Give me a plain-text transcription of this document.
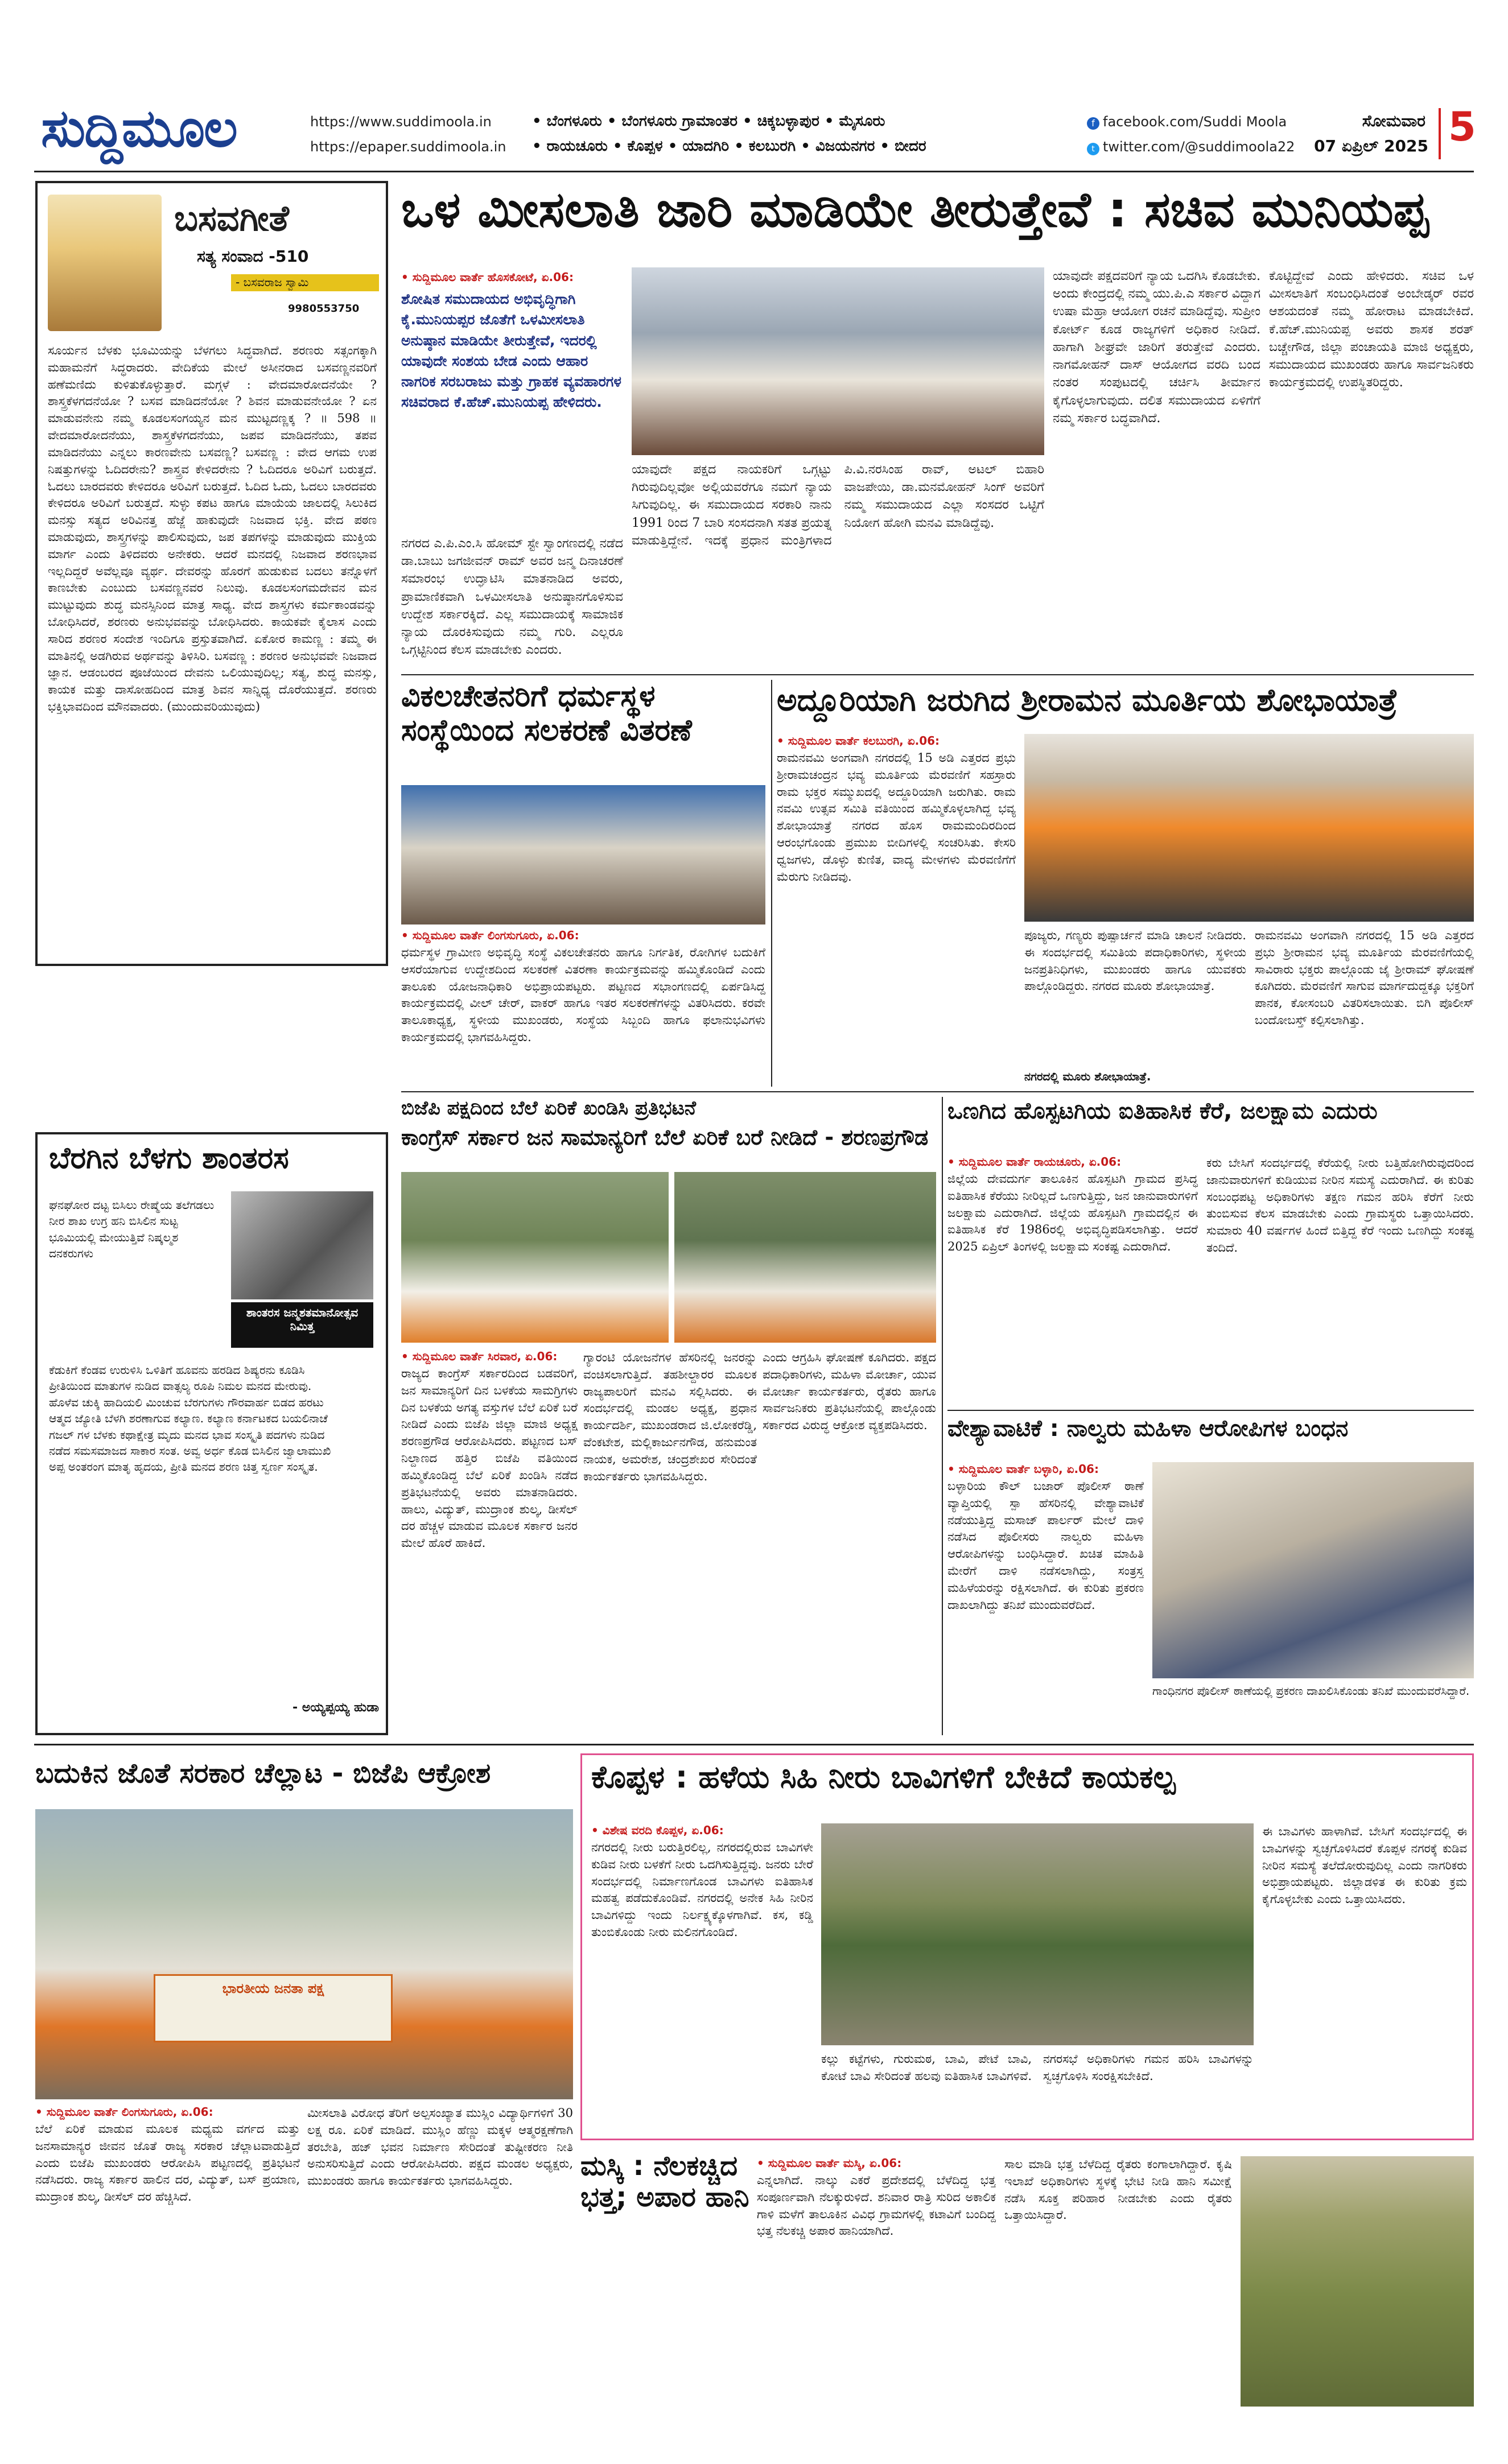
ಸುದ್ದಿಮೂಲ	https://www.suddimoola.in
https://epaper.suddimoola.in
• ಬೆಂಗಳೂರು • ಬೆಂಗಳೂರು ಗ್ರಾಮಾಂತರ • ಚಿಕ್ಕಬಳ್ಳಾಪುರ • ಮೈಸೂರು
• ರಾಯಚೂರು • ಕೊಪ್ಪಳ • ಯಾದಗಿರಿ • ಕಲಬುರಗಿ • ವಿಜಯನಗರ • ಬೀದರ
f facebook.com/Suddi Moola
t twitter.com/@suddimoola22
ಸೋಮವಾರ
07 ಏಪ್ರಿಲ್ 2025 5
ಬಸವಗೀತೆ
ಸತ್ಯ ಸಂವಾದ -510
- ಬಸವರಾಜ ಸ್ವಾಮಿ
9980553750
ಸೂರ್ಯನ ಬೆಳಕು ಭೂಮಿಯನ್ನು ಬೆಳಗಲು ಸಿದ್ಧವಾಗಿದೆ. ಶರಣರು ಸತ್ಸಂಗಕ್ಕಾಗಿ ಮಹಾಮನೆಗೆ ಸಿದ್ಧರಾದರು. ವೇದಿಕೆಯ ಮೇಲೆ ಅಸೀನರಾದ ಬಸವಣ್ಣನವರಿಗೆ ಹಣೆಮಣಿದು ಕುಳಿತುಕೊಳ್ಳುತ್ತಾರೆ. ಮಗ್ಗಳೆ : ವೇದಮಾರೋದನೆಯೇ ? ಶಾಸ್ತ್ರಕೆಳಗದನೆಯೋ ? ಬಸವ ಮಾಡಿದನೆಯೋ ? ಶಿವನ ಮಾಡುವನೇಯೋ ? ಏನ ಮಾಡುವನೇನು ನಮ್ಮ ಕೂಡಲಸಂಗಯ್ಯನ ಮನ ಮುಟ್ಟದಣ್ಣಕ್ಕ ? ॥ 598 ॥ ವೇದಮಾರೋದನೆಯು, ಶಾಸ್ತ್ರಕೆಳಗದನೆಯು, ಜಪವ ಮಾಡಿದನೆಯು, ತಪವ ಮಾಡಿದನೆಯು ಎನ್ನಲು ಕಾರಣವೇನು ಬಸವಣ್ಣ? ಬಸವಣ್ಣ : ವೇದ ಆಗಮ ಉಪ ನಿಷತ್ತುಗಳನ್ನು ಓದಿದರೇನು? ಶಾಸ್ತ್ರವ ಕೇಳಿದರೇನು ? ಓದಿದರೂ ಅರಿವಿಗೆ ಬರುತ್ತದೆ. ಓದಲು ಬಾರದವರು ಕೇಳಿದರೂ ಅರಿವಿಗೆ ಬರುತ್ತದೆ. ಓದಿದ ಓದು, ಓದಲು ಬಾರದವರು ಕೇಳಿದರೂ ಅರಿವಿಗೆ ಬರುತ್ತದೆ. ಸುಳ್ಳು ಕಪಟ ಹಾಗೂ ಮಾಯೆಯ ಜಾಲದಲ್ಲಿ ಸಿಲುಕಿದ ಮನಸ್ಸು ಸತ್ಯದ ಅರಿವಿನತ್ತ ಹೆಜ್ಜೆ ಹಾಕುವುದೇ ನಿಜವಾದ ಭಕ್ತಿ. ವೇದ ಪಠಣ ಮಾಡುವುದು, ಶಾಸ್ತ್ರಗಳನ್ನು ಪಾಲಿಸುವುದು, ಜಪ ತಪಗಳನ್ನು ಮಾಡುವುದು ಮುಕ್ತಿಯ ಮಾರ್ಗ ಎಂದು ತಿಳಿದವರು ಅನೇಕರು. ಆದರೆ ಮನದಲ್ಲಿ ನಿಜವಾದ ಶರಣಭಾವ ಇಲ್ಲದಿದ್ದರೆ ಅವೆಲ್ಲವೂ ವ್ಯರ್ಥ. ದೇವರನ್ನು ಹೊರಗೆ ಹುಡುಕುವ ಬದಲು ತನ್ನೊಳಗೆ ಕಾಣಬೇಕು ಎಂಬುದು ಬಸವಣ್ಣನವರ ನಿಲುವು. ಕೂಡಲಸಂಗಮದೇವನ ಮನ ಮುಟ್ಟುವುದು ಶುದ್ಧ ಮನಸ್ಸಿನಿಂದ ಮಾತ್ರ ಸಾಧ್ಯ. ವೇದ ಶಾಸ್ತ್ರಗಳು ಕರ್ಮಕಾಂಡವನ್ನು ಬೋಧಿಸಿದರೆ, ಶರಣರು ಅನುಭವವನ್ನು ಬೋಧಿಸಿದರು. ಕಾಯಕವೇ ಕೈಲಾಸ ಎಂದು ಸಾರಿದ ಶರಣರ ಸಂದೇಶ ಇಂದಿಗೂ ಪ್ರಸ್ತುತವಾಗಿದೆ. ಏಕೋರ ಕಾಮಣ್ಣ : ತಮ್ಮ ಈ ಮಾತಿನಲ್ಲಿ ಅಡಗಿರುವ ಅರ್ಥವನ್ನು ತಿಳಿಸಿರಿ. ಬಸವಣ್ಣ : ಶರಣರ ಅನುಭವವೇ ನಿಜವಾದ ಜ್ಞಾನ. ಆಡಂಬರದ ಪೂಜೆಯಿಂದ ದೇವನು ಒಲಿಯುವುದಿಲ್ಲ; ಸತ್ಯ, ಶುದ್ಧ ಮನಸ್ಸು, ಕಾಯಕ ಮತ್ತು ದಾಸೋಹದಿಂದ ಮಾತ್ರ ಶಿವನ ಸಾನ್ನಿಧ್ಯ ದೊರೆಯುತ್ತದೆ. ಶರಣರು ಭಕ್ತಿಭಾವದಿಂದ ಮೌನವಾದರು. (ಮುಂದುವರಿಯುವುದು)
ಬೆರಗಿನ ಬೆಳಗು ಶಾಂತರಸ
ಘನಘೋರ ದಟ್ಟ ಬಿಸಿಲು ರೇಷ್ಮೆಯ ತಲೆಗಡಲು ನೀರ ಶಾಖ ಉಗ್ರ ಹನಿ ಬಿಸಿಲಿನ ಸುಟ್ಟ ಭೂಮಿಯಲ್ಲಿ ಮೇಯುತ್ತಿವೆ ನಿಷ್ಕಲ್ಮಶ ದನಕರುಗಳು
ಶಾಂತರಸ ಜನ್ಮಶತಮಾನೋತ್ಸವ ನಿಮಿತ್ತ
ಕೆಡುಕಿಗೆ ಕೆಂಡವ ಉರುಳಿಸಿ ಒಳಿತಿಗೆ ಹೂವನು ಹರಡಿದ ಶಿಷ್ಯರನು ಕೂಡಿಸಿ ಪ್ರೀತಿಯಿಂದ ಮಾತುಗಳ ನುಡಿದ ವಾತ್ಸಲ್ಯ ರೂಪಿ ನಿಮಲ ಮನದ ಮೇರುವು. ಹೊಳೆವ ಚುಕ್ಕಿ ಹಾದಿಯಲಿ ಮಿಂಚುವ ಬೆರಗುಗಳು ಗೌರವಾರ್ಹ ಬಿಡದ ಹರಟು ಆತ್ಮದ ಜ್ಯೋತಿ ಬೆಳಗಿ ಶರಣಾಗುವ ಕಲ್ಯಾಣ. ಕಲ್ಯಾಣ ಕರ್ನಾಟಕದ ಬಯಲಿನಾಚೆ ಗಜಲ್ ಗಳ ಬೆಳಕು ಕಥಾಕ್ಷೇತ್ರ ಮೃದು ಮನದ ಭಾವ ಸಂಸ್ಕೃತಿ ಪದಗಳು ನುಡಿದ ನಡೆದ ಸಮಸಮಾಜದ ಸಾಕಾರ ಸಂತ. ಅವ್ವ ಅರ್ಧ ಕೊಡ ಬಿಸಿಲಿನ ಜ್ವಾಲಾಮುಖಿ ಅಪ್ಪ ಅಂತರಂಗ ಮಾತೃ ಹೃದಯ, ಪ್ರೀತಿ ಮನದ ಶರಣ ಚಿತ್ತ ಸ್ವರ್ಣ ಸಂಸ್ಕೃತ.
- ಅಯ್ಯಪ್ಪಯ್ಯ ಹುಡಾ
ಒಳ ಮೀಸಲಾತಿ ಜಾರಿ ಮಾಡಿಯೇ ತೀರುತ್ತೇವೆ : ಸಚಿವ ಮುನಿಯಪ್ಪ
• ಸುದ್ದಿಮೂಲ ವಾರ್ತೆ ಹೊಸಕೋಟೆ, ಏ.06:
ಶೋಷಿತ ಸಮುದಾಯದ ಅಭಿವೃದ್ಧಿಗಾಗಿ ಕೈ.ಮುನಿಯಪ್ಪರ ಜೊತೆಗೆ ಒಳಮೀಸಲಾತಿ ಅನುಷ್ಠಾನ ಮಾಡಿಯೇ ತೀರುತ್ತೇವೆ, ಇದರಲ್ಲಿ ಯಾವುದೇ ಸಂಶಯ ಬೇಡ ಎಂದು ಆಹಾರ ನಾಗರಿಕ ಸರಬರಾಜು ಮತ್ತು ಗ್ರಾಹಕ ವ್ಯವಹಾರಗಳ ಸಚಿವರಾದ ಕೆ.ಹೆಚ್.ಮುನಿಯಪ್ಪ ಹೇಳಿದರು.
ನಗರದ ಎ.ಪಿ.ಎಂ.ಸಿ ಹೋಮ್ ಸ್ಟೇ ಸ್ವಾಂಗಣದಲ್ಲಿ ನಡೆದ ಡಾ.ಬಾಬು ಜಗಜೀವನ್ ರಾಮ್ ಅವರ ಜನ್ಮ ದಿನಾಚರಣೆ ಸಮಾರಂಭ ಉದ್ಘಾಟಿಸಿ ಮಾತನಾಡಿದ ಅವರು, ಪ್ರಾಮಾಣಿಕವಾಗಿ ಒಳಮೀಸಲಾತಿ ಅನುಷ್ಠಾನಗೊಳಿಸುವ ಉದ್ದೇಶ ಸರ್ಕಾರಕ್ಕಿದೆ. ಎಲ್ಲ ಸಮುದಾಯಕ್ಕೆ ಸಾಮಾಜಿಕ ನ್ಯಾಯ ದೊರಕಿಸುವುದು ನಮ್ಮ ಗುರಿ. ಎಲ್ಲರೂ ಒಗ್ಗಟ್ಟಿನಿಂದ ಕೆಲಸ ಮಾಡಬೇಕು ಎಂದರು.
ಯಾವುದೇ ಪಕ್ಷದ ನಾಯಕರಿಗೆ ಒಗ್ಗಟ್ಟು ಗಿರುವುದಿಲ್ಲವೋ ಅಲ್ಲಿಯವರೆಗೂ ನಮಗೆ ನ್ಯಾಯ ಸಿಗುವುದಿಲ್ಲ. ಈ ಸಮುದಾಯದ ಸರಕಾರಿ ನಾನು 1991 ರಿಂದ 7 ಬಾರಿ ಸಂಸದನಾಗಿ ಸತತ ಪ್ರಯತ್ನ ಮಾಡುತ್ತಿದ್ದೇನೆ. ಇದಕ್ಕೆ ಪ್ರಧಾನ ಮಂತ್ರಿಗಳಾದ ಪಿ.ವಿ.ನರಸಿಂಹ ರಾವ್, ಅಟಲ್ ಬಿಹಾರಿ ವಾಜಪೇಯಿ, ಡಾ.ಮನಮೋಹನ್ ಸಿಂಗ್ ಅವರಿಗೆ ನಮ್ಮ ಸಮುದಾಯದ ಎಲ್ಲಾ ಸಂಸದರ ಒಟ್ಟಿಗೆ ನಿಯೋಗ ಹೋಗಿ ಮನವಿ ಮಾಡಿದ್ದೆವು.
ಯಾವುದೇ ಪಕ್ಷದವರಿಗೆ ನ್ಯಾಯ ಒದಗಿಸಿ ಕೊಡಬೇಕು. ಅಂದು ಕೇಂದ್ರದಲ್ಲಿ ನಮ್ಮ ಯು.ಪಿ.ಎ ಸರ್ಕಾರ ವಿದ್ದಾಗ ಉಷಾ ಮೆಹ್ರಾ ಆಯೋಗ ರಚನೆ ಮಾಡಿದ್ದೆವು. ಸುಪ್ರೀಂ ಕೋರ್ಟ್ ಕೂಡ ರಾಜ್ಯಗಳಿಗೆ ಅಧಿಕಾರ ನೀಡಿದೆ. ಹಾಗಾಗಿ ಶೀಘ್ರವೇ ಜಾರಿಗೆ ತರುತ್ತೇವೆ ಎಂದರು. ನಾಗಮೋಹನ್ ದಾಸ್ ಆಯೋಗದ ವರದಿ ಬಂದ ನಂತರ ಸಂಪುಟದಲ್ಲಿ ಚರ್ಚಿಸಿ ತೀರ್ಮಾನ ಕೈಗೊಳ್ಳಲಾಗುವುದು. ದಲಿತ ಸಮುದಾಯದ ಏಳಿಗೆಗೆ ನಮ್ಮ ಸರ್ಕಾರ ಬದ್ಧವಾಗಿದೆ.
ಕೊಟ್ಟಿದ್ದೇವೆ ಎಂದು ಹೇಳಿದರು. ಸಚಿವ ಒಳ ಮೀಸಲಾತಿಗೆ ಸಂಬಂಧಿಸಿದಂತೆ ಅಂಬೇಡ್ಕರ್ ರವರ ಆಶಯದಂತೆ ನಮ್ಮ ಹೋರಾಟ ಮಾಡಬೇಕಿದೆ. ಕೆ.ಹೆಚ್.ಮುನಿಯಪ್ಪ ಅವರು ಶಾಸಕ ಶರತ್ ಬಚ್ಚೇಗೌಡ, ಜಿಲ್ಲಾ ಪಂಚಾಯತಿ ಮಾಜಿ ಅಧ್ಯಕ್ಷರು, ಸಮುದಾಯದ ಮುಖಂಡರು ಹಾಗೂ ಸಾರ್ವಜನಿಕರು ಕಾರ್ಯಕ್ರಮದಲ್ಲಿ ಉಪಸ್ಥಿತರಿದ್ದರು.
ವಿಕಲಚೇತನರಿಗೆ ಧರ್ಮಸ್ಥಳ ಸಂಸ್ಥೆಯಿಂದ ಸಲಕರಣೆ ವಿತರಣೆ
• ಸುದ್ದಿಮೂಲ ವಾರ್ತೆ ಲಿಂಗಸುಗೂರು, ಏ.06:
ಧರ್ಮಸ್ಥಳ ಗ್ರಾಮೀಣ ಅಭಿವೃದ್ಧಿ ಸಂಸ್ಥೆ ವಿಕಲಚೇತನರು ಹಾಗೂ ನಿರ್ಗತಿಕ, ರೋಗಿಗಳ ಬದುಕಿಗೆ ಆಸರೆಯಾಗುವ ಉದ್ದೇಶದಿಂದ ಸಲಕರಣೆ ವಿತರಣಾ ಕಾರ್ಯಕ್ರಮವನ್ನು ಹಮ್ಮಿಕೊಂಡಿದೆ ಎಂದು ತಾಲೂಕು ಯೋಜನಾಧಿಕಾರಿ ಅಭಿಪ್ರಾಯಪಟ್ಟರು. ಪಟ್ಟಣದ ಸಭಾಂಗಣದಲ್ಲಿ ಏರ್ಪಡಿಸಿದ್ದ ಕಾರ್ಯಕ್ರಮದಲ್ಲಿ ವೀಲ್ ಚೇರ್, ವಾಕರ್ ಹಾಗೂ ಇತರ ಸಲಕರಣೆಗಳನ್ನು ವಿತರಿಸಿದರು. ಕರವೇ ತಾಲೂಕಾಧ್ಯಕ್ಷ, ಸ್ಥಳೀಯ ಮುಖಂಡರು, ಸಂಸ್ಥೆಯ ಸಿಬ್ಬಂದಿ ಹಾಗೂ ಫಲಾನುಭವಿಗಳು ಕಾರ್ಯಕ್ರಮದಲ್ಲಿ ಭಾಗವಹಿಸಿದ್ದರು.
ಅದ್ದೂರಿಯಾಗಿ ಜರುಗಿದ ಶ್ರೀರಾಮನ ಮೂರ್ತಿಯ ಶೋಭಾಯಾತ್ರೆ
• ಸುದ್ದಿಮೂಲ ವಾರ್ತೆ ಕಲಬುರಗಿ, ಏ.06:
ರಾಮನವಮಿ ಅಂಗವಾಗಿ ನಗರದಲ್ಲಿ 15 ಅಡಿ ಎತ್ತರದ ಪ್ರಭು ಶ್ರೀರಾಮಚಂದ್ರನ ಭವ್ಯ ಮೂರ್ತಿಯ ಮೆರವಣಿಗೆ ಸಹಸ್ರಾರು ರಾಮ ಭಕ್ತರ ಸಮ್ಮುಖದಲ್ಲಿ ಅದ್ದೂರಿಯಾಗಿ ಜರುಗಿತು. ರಾಮ ನವಮಿ ಉತ್ಸವ ಸಮಿತಿ ವತಿಯಿಂದ ಹಮ್ಮಿಕೊಳ್ಳಲಾಗಿದ್ದ ಭವ್ಯ ಶೋಭಾಯಾತ್ರೆ ನಗರದ ಹೊಸ ರಾಮಮಂದಿರದಿಂದ ಆರಂಭಗೊಂಡು ಪ್ರಮುಖ ಬೀದಿಗಳಲ್ಲಿ ಸಂಚರಿಸಿತು. ಕೇಸರಿ ಧ್ವಜಗಳು, ಡೊಳ್ಳು ಕುಣಿತ, ವಾದ್ಯ ಮೇಳಗಳು ಮೆರವಣಿಗೆಗೆ ಮೆರುಗು ನೀಡಿದವು.
ಪೂಜ್ಯರು, ಗಣ್ಯರು ಪುಷ್ಪಾರ್ಚನೆ ಮಾಡಿ ಚಾಲನೆ ನೀಡಿದರು. ಈ ಸಂದರ್ಭದಲ್ಲಿ ಸಮಿತಿಯ ಪದಾಧಿಕಾರಿಗಳು, ಸ್ಥಳೀಯ ಜನಪ್ರತಿನಿಧಿಗಳು, ಮುಖಂಡರು ಹಾಗೂ ಯುವಕರು ಪಾಲ್ಗೊಂಡಿದ್ದರು. ನಗರದ ಮೂರು ಶೋಭಾಯಾತ್ರೆ.
ರಾಮನವಮಿ ಅಂಗವಾಗಿ ನಗರದಲ್ಲಿ 15 ಅಡಿ ಎತ್ತರದ ಪ್ರಭು ಶ್ರೀರಾಮನ ಭವ್ಯ ಮೂರ್ತಿಯ ಮೆರವಣಿಗೆಯಲ್ಲಿ ಸಾವಿರಾರು ಭಕ್ತರು ಪಾಲ್ಗೊಂಡು ಜೈ ಶ್ರೀರಾಮ್ ಘೋಷಣೆ ಕೂಗಿದರು. ಮೆರವಣಿಗೆ ಸಾಗುವ ಮಾರ್ಗದುದ್ದಕ್ಕೂ ಭಕ್ತರಿಗೆ ಪಾನಕ, ಕೋಸಂಬರಿ ವಿತರಿಸಲಾಯಿತು. ಬಿಗಿ ಪೊಲೀಸ್ ಬಂದೋಬಸ್ತ್ ಕಲ್ಪಿಸಲಾಗಿತ್ತು.
ನಗರದಲ್ಲಿ ಮೂರು ಶೋಭಾಯಾತ್ರೆ.
ಬಿಜೆಪಿ ಪಕ್ಷದಿಂದ ಬೆಲೆ ಏರಿಕೆ ಖಂಡಿಸಿ ಪ್ರತಿಭಟನೆ
ಕಾಂಗ್ರೆಸ್ ಸರ್ಕಾರ ಜನ ಸಾಮಾನ್ಯರಿಗೆ ಬೆಲೆ ಏರಿಕೆ ಬರೆ ನೀಡಿದೆ - ಶರಣಪ್ರಗೌಡ
• ಸುದ್ದಿಮೂಲ ವಾರ್ತೆ ಸಿರವಾರ, ಏ.06:
ರಾಜ್ಯದ ಕಾಂಗ್ರೆಸ್ ಸರ್ಕಾರದಿಂದ ಬಡವರಿಗೆ, ಜನ ಸಾಮಾನ್ಯರಿಗೆ ದಿನ ಬಳಕೆಯ ಸಾಮಗ್ರಿಗಳು ದಿನ ಬಳಕೆಯ ಅಗತ್ಯ ವಸ್ತುಗಳ ಬೆಲೆ ಏರಿಕೆ ಬರೆ ನೀಡಿದೆ ಎಂದು ಬಿಜೆಪಿ ಜಿಲ್ಲಾ ಮಾಜಿ ಅಧ್ಯಕ್ಷ ಶರಣಪ್ರಗೌಡ ಆರೋಪಿಸಿದರು. ಪಟ್ಟಣದ ಬಸ್ ನಿಲ್ದಾಣದ ಹತ್ತಿರ ಬಿಜೆಪಿ ವತಿಯಿಂದ ಹಮ್ಮಿಕೊಂಡಿದ್ದ ಬೆಲೆ ಏರಿಕೆ ಖಂಡಿಸಿ ನಡೆದ ಪ್ರತಿಭಟನೆಯಲ್ಲಿ ಅವರು ಮಾತನಾಡಿದರು. ಹಾಲು, ವಿದ್ಯುತ್, ಮುದ್ರಾಂಕ ಶುಲ್ಕ, ಡೀಸೆಲ್ ದರ ಹೆಚ್ಚಳ ಮಾಡುವ ಮೂಲಕ ಸರ್ಕಾರ ಜನರ ಮೇಲೆ ಹೊರೆ ಹಾಕಿದೆ.
ಗ್ಯಾರಂಟಿ ಯೋಜನೆಗಳ ಹೆಸರಿನಲ್ಲಿ ಜನರನ್ನು ವಂಚಿಸಲಾಗುತ್ತಿದೆ. ತಹಶೀಲ್ದಾರರ ಮೂಲಕ ರಾಜ್ಯಪಾಲರಿಗೆ ಮನವಿ ಸಲ್ಲಿಸಿದರು. ಈ ಸಂದರ್ಭದಲ್ಲಿ ಮಂಡಲ ಅಧ್ಯಕ್ಷ, ಪ್ರಧಾನ ಕಾರ್ಯದರ್ಶಿ, ಮುಖಂಡರಾದ ಜಿ.ಲೋಕರೆಡ್ಡಿ, ವೆಂಕಟೇಶ, ಮಲ್ಲಿಕಾರ್ಜುನಗೌಡ, ಹನುಮಂತ ನಾಯಕ, ಅಮರೇಶ, ಚಂದ್ರಶೇಖರ ಸೇರಿದಂತೆ ಕಾರ್ಯಕರ್ತರು ಭಾಗವಹಿಸಿದ್ದರು.
ಎಂದು ಆಗ್ರಹಿಸಿ ಘೋಷಣೆ ಕೂಗಿದರು. ಪಕ್ಷದ ಪದಾಧಿಕಾರಿಗಳು, ಮಹಿಳಾ ಮೋರ್ಚಾ, ಯುವ ಮೋರ್ಚಾ ಕಾರ್ಯಕರ್ತರು, ರೈತರು ಹಾಗೂ ಸಾರ್ವಜನಿಕರು ಪ್ರತಿಭಟನೆಯಲ್ಲಿ ಪಾಲ್ಗೊಂಡು ಸರ್ಕಾರದ ವಿರುದ್ಧ ಆಕ್ರೋಶ ವ್ಯಕ್ತಪಡಿಸಿದರು.
ಒಣಗಿದ ಹೊಸ್ಪಟಗಿಯ ಐತಿಹಾಸಿಕ ಕೆರೆ, ಜಲಕ್ಷಾಮ ಎದುರು
• ಸುದ್ದಿಮೂಲ ವಾರ್ತೆ ರಾಯಚೂರು, ಏ.06:
ಜಿಲ್ಲೆಯ ದೇವದುರ್ಗ ತಾಲೂಕಿನ ಹೊಸ್ಪಟಗಿ ಗ್ರಾಮದ ಪ್ರಸಿದ್ಧ ಐತಿಹಾಸಿಕ ಕೆರೆಯು ನೀರಿಲ್ಲದೆ ಒಣಗುತ್ತಿದ್ದು, ಜನ ಜಾನುವಾರುಗಳಿಗೆ ಜಲಕ್ಷಾಮ ಎದುರಾಗಿದೆ. ಜಿಲ್ಲೆಯ ಹೊಸ್ಪಟಗಿ ಗ್ರಾಮದಲ್ಲಿನ ಈ ಐತಿಹಾಸಿಕ ಕೆರೆ 1986ರಲ್ಲಿ ಅಭಿವೃದ್ಧಿಪಡಿಸಲಾಗಿತ್ತು. ಆದರೆ 2025 ಏಪ್ರಿಲ್ ತಿಂಗಳಲ್ಲಿ ಜಲಕ್ಷಾಮ ಸಂಕಷ್ಟ ಎದುರಾಗಿದೆ.
ಕರು ಬೇಸಿಗೆ ಸಂದರ್ಭದಲ್ಲಿ ಕೆರೆಯಲ್ಲಿ ನೀರು ಬತ್ತಿಹೋಗಿರುವುದರಿಂದ ಜಾನುವಾರುಗಳಿಗೆ ಕುಡಿಯುವ ನೀರಿನ ಸಮಸ್ಯೆ ಎದುರಾಗಿದೆ. ಈ ಕುರಿತು ಸಂಬಂಧಪಟ್ಟ ಅಧಿಕಾರಿಗಳು ತಕ್ಷಣ ಗಮನ ಹರಿಸಿ ಕೆರೆಗೆ ನೀರು ತುಂಬಿಸುವ ಕೆಲಸ ಮಾಡಬೇಕು ಎಂದು ಗ್ರಾಮಸ್ಥರು ಒತ್ತಾಯಿಸಿದರು. ಸುಮಾರು 40 ವರ್ಷಗಳ ಹಿಂದೆ ಬಿತ್ತಿದ್ದ ಕೆರೆ ಇಂದು ಒಣಗಿದ್ದು ಸಂಕಷ್ಟ ತಂದಿದೆ.
ವೇಶ್ಯಾವಾಟಿಕೆ : ನಾಲ್ವರು ಮಹಿಳಾ ಆರೋಪಿಗಳ ಬಂಧನ
• ಸುದ್ದಿಮೂಲ ವಾರ್ತೆ ಬಳ್ಳಾರಿ, ಏ.06:
ಬಳ್ಳಾರಿಯ ಕೌಲ್ ಬಜಾರ್ ಪೊಲೀಸ್ ಠಾಣೆ ವ್ಯಾಪ್ತಿಯಲ್ಲಿ ಸ್ಪಾ ಹೆಸರಿನಲ್ಲಿ ವೇಶ್ಯಾವಾಟಿಕೆ ನಡೆಯುತ್ತಿದ್ದ ಮಸಾಜ್ ಪಾರ್ಲರ್ ಮೇಲೆ ದಾಳಿ ನಡೆಸಿದ ಪೊಲೀಸರು ನಾಲ್ವರು ಮಹಿಳಾ ಆರೋಪಿಗಳನ್ನು ಬಂಧಿಸಿದ್ದಾರೆ. ಖಚಿತ ಮಾಹಿತಿ ಮೇರೆಗೆ ದಾಳಿ ನಡೆಸಲಾಗಿದ್ದು, ಸಂತ್ರಸ್ತ ಮಹಿಳೆಯರನ್ನು ರಕ್ಷಿಸಲಾಗಿದೆ. ಈ ಕುರಿತು ಪ್ರಕರಣ ದಾಖಲಾಗಿದ್ದು ತನಿಖೆ ಮುಂದುವರೆದಿದೆ.
ಗಾಂಧಿನಗರ ಪೊಲೀಸ್ ಠಾಣೆಯಲ್ಲಿ ಪ್ರಕರಣ ದಾಖಲಿಸಿಕೊಂಡು ತನಿಖೆ ಮುಂದುವರೆಸಿದ್ದಾರೆ.
ಬದುಕಿನ ಜೊತೆ ಸರಕಾರ ಚೆಲ್ಲಾಟ - ಬಿಜೆಪಿ ಆಕ್ರೋಶ
ಭಾರತೀಯ ಜನತಾ ಪಕ್ಷ
• ಸುದ್ದಿಮೂಲ ವಾರ್ತೆ ಲಿಂಗಸುಗೂರು, ಏ.06:
ಬೆಲೆ ಏರಿಕೆ ಮಾಡುವ ಮೂಲಕ ಮಧ್ಯಮ ವರ್ಗದ ಮತ್ತು ಜನಸಾಮಾನ್ಯರ ಜೀವನ ಜೊತೆ ರಾಜ್ಯ ಸರಕಾರ ಚೆಲ್ಲಾಟವಾಡುತ್ತಿದೆ ಎಂದು ಬಿಜೆಪಿ ಮುಖಂಡರು ಆರೋಪಿಸಿ ಪಟ್ಟಣದಲ್ಲಿ ಪ್ರತಿಭಟನೆ ನಡೆಸಿದರು. ರಾಜ್ಯ ಸರ್ಕಾರ ಹಾಲಿನ ದರ, ವಿದ್ಯುತ್, ಬಸ್ ಪ್ರಯಾಣ, ಮುದ್ರಾಂಕ ಶುಲ್ಕ, ಡೀಸೆಲ್ ದರ ಹೆಚ್ಚಿಸಿದೆ.
ಮೀಸಲಾತಿ ವಿರೋಧ ತೆರಿಗೆ ಅಲ್ಪಸಂಖ್ಯಾತ ಮುಸ್ಲಿಂ ವಿದ್ಯಾರ್ಥಿಗಳಿಗೆ 30 ಲಕ್ಷ ರೂ. ಏರಿಕೆ ಮಾಡಿದೆ. ಮುಸ್ಲಿಂ ಹೆಣ್ಣು ಮಕ್ಕಳ ಆತ್ಮರಕ್ಷಣೆಗಾಗಿ ತರಬೇತಿ, ಹಜ್ ಭವನ ನಿರ್ಮಾಣ ಸೇರಿದಂತೆ ತುಷ್ಟೀಕರಣ ನೀತಿ ಅನುಸರಿಸುತ್ತಿದೆ ಎಂದು ಆರೋಪಿಸಿದರು. ಪಕ್ಷದ ಮಂಡಲ ಅಧ್ಯಕ್ಷರು, ಮುಖಂಡರು ಹಾಗೂ ಕಾರ್ಯಕರ್ತರು ಭಾಗವಹಿಸಿದ್ದರು.
ಕೊಪ್ಪಳ : ಹಳೆಯ ಸಿಹಿ ನೀರು ಬಾವಿಗಳಿಗೆ ಬೇಕಿದೆ ಕಾಯಕಲ್ಪ
• ವಿಶೇಷ ವರದಿ ಕೊಪ್ಪಳ, ಏ.06:
ನಗರದಲ್ಲಿ ನೀರು ಬರುತ್ತಿರಲಿಲ್ಲ, ನಗರದಲ್ಲಿರುವ ಬಾವಿಗಳೇ ಕುಡಿವ ನೀರು ಬಳಕೆಗೆ ನೀರು ಒದಗಿಸುತ್ತಿದ್ದವು. ಜನರು ಬೇರೆ ಸಂದರ್ಭದಲ್ಲಿ ನಿರ್ಮಾಣಗೊಂಡ ಬಾವಿಗಳು ಐತಿಹಾಸಿಕ ಮಹತ್ವ ಪಡೆದುಕೊಂಡಿವೆ. ನಗರದಲ್ಲಿ ಅನೇಕ ಸಿಹಿ ನೀರಿನ ಬಾವಿಗಳಿದ್ದು ಇಂದು ನಿರ್ಲಕ್ಷ್ಯಕ್ಕೊಳಗಾಗಿವೆ. ಕಸ, ಕಡ್ಡಿ ತುಂಬಿಕೊಂಡು ನೀರು ಮಲಿನಗೊಂಡಿದೆ.
ಕಲ್ಲು ಕಟ್ಟೆಗಳು, ಗುರುಮಠ, ಬಾವಿ, ಪೇಟೆ ಬಾವಿ, ಕೋಟೆ ಬಾವಿ ಸೇರಿದಂತೆ ಹಲವು ಐತಿಹಾಸಿಕ ಬಾವಿಗಳಿವೆ. ನಗರಸಭೆ ಅಧಿಕಾರಿಗಳು ಗಮನ ಹರಿಸಿ ಬಾವಿಗಳನ್ನು ಸ್ವಚ್ಛಗೊಳಿಸಿ ಸಂರಕ್ಷಿಸಬೇಕಿದೆ.
ಈ ಬಾವಿಗಳು ಹಾಳಾಗಿವೆ. ಬೇಸಿಗೆ ಸಂದರ್ಭದಲ್ಲಿ ಈ ಬಾವಿಗಳನ್ನು ಸ್ವಚ್ಛಗೊಳಿಸಿದರೆ ಕೊಪ್ಪಳ ನಗರಕ್ಕೆ ಕುಡಿವ ನೀರಿನ ಸಮಸ್ಯೆ ತಲೆದೋರುವುದಿಲ್ಲ ಎಂದು ನಾಗರಿಕರು ಅಭಿಪ್ರಾಯಪಟ್ಟರು. ಜಿಲ್ಲಾಡಳಿತ ಈ ಕುರಿತು ಕ್ರಮ ಕೈಗೊಳ್ಳಬೇಕು ಎಂದು ಒತ್ತಾಯಿಸಿದರು.
ಮಸ್ಕಿ : ನೆಲಕಚ್ಚಿದ ಭತ್ತ; ಅಪಾರ ಹಾನಿ
• ಸುದ್ದಿಮೂಲ ವಾರ್ತೆ ಮಸ್ಕಿ, ಏ.06:
ಎನ್ನಲಾಗಿದೆ. ನಾಲ್ಕು ಎಕರೆ ಪ್ರದೇಶದಲ್ಲಿ ಬೆಳೆದಿದ್ದ ಭತ್ತ ಸಂಪೂರ್ಣವಾಗಿ ನೆಲಕ್ಕುರುಳಿದೆ. ಶನಿವಾರ ರಾತ್ರಿ ಸುರಿದ ಅಕಾಲಿಕ ಗಾಳಿ ಮಳೆಗೆ ತಾಲೂಕಿನ ವಿವಿಧ ಗ್ರಾಮಗಳಲ್ಲಿ ಕಟಾವಿಗೆ ಬಂದಿದ್ದ ಭತ್ತ ನೆಲಕಚ್ಚಿ ಅಪಾರ ಹಾನಿಯಾಗಿದೆ.
ಸಾಲ ಮಾಡಿ ಭತ್ತ ಬೆಳೆದಿದ್ದ ರೈತರು ಕಂಗಾಲಾಗಿದ್ದಾರೆ. ಕೃಷಿ ಇಲಾಖೆ ಅಧಿಕಾರಿಗಳು ಸ್ಥಳಕ್ಕೆ ಭೇಟಿ ನೀಡಿ ಹಾನಿ ಸಮೀಕ್ಷೆ ನಡೆಸಿ ಸೂಕ್ತ ಪರಿಹಾರ ನೀಡಬೇಕು ಎಂದು ರೈತರು ಒತ್ತಾಯಿಸಿದ್ದಾರೆ.
